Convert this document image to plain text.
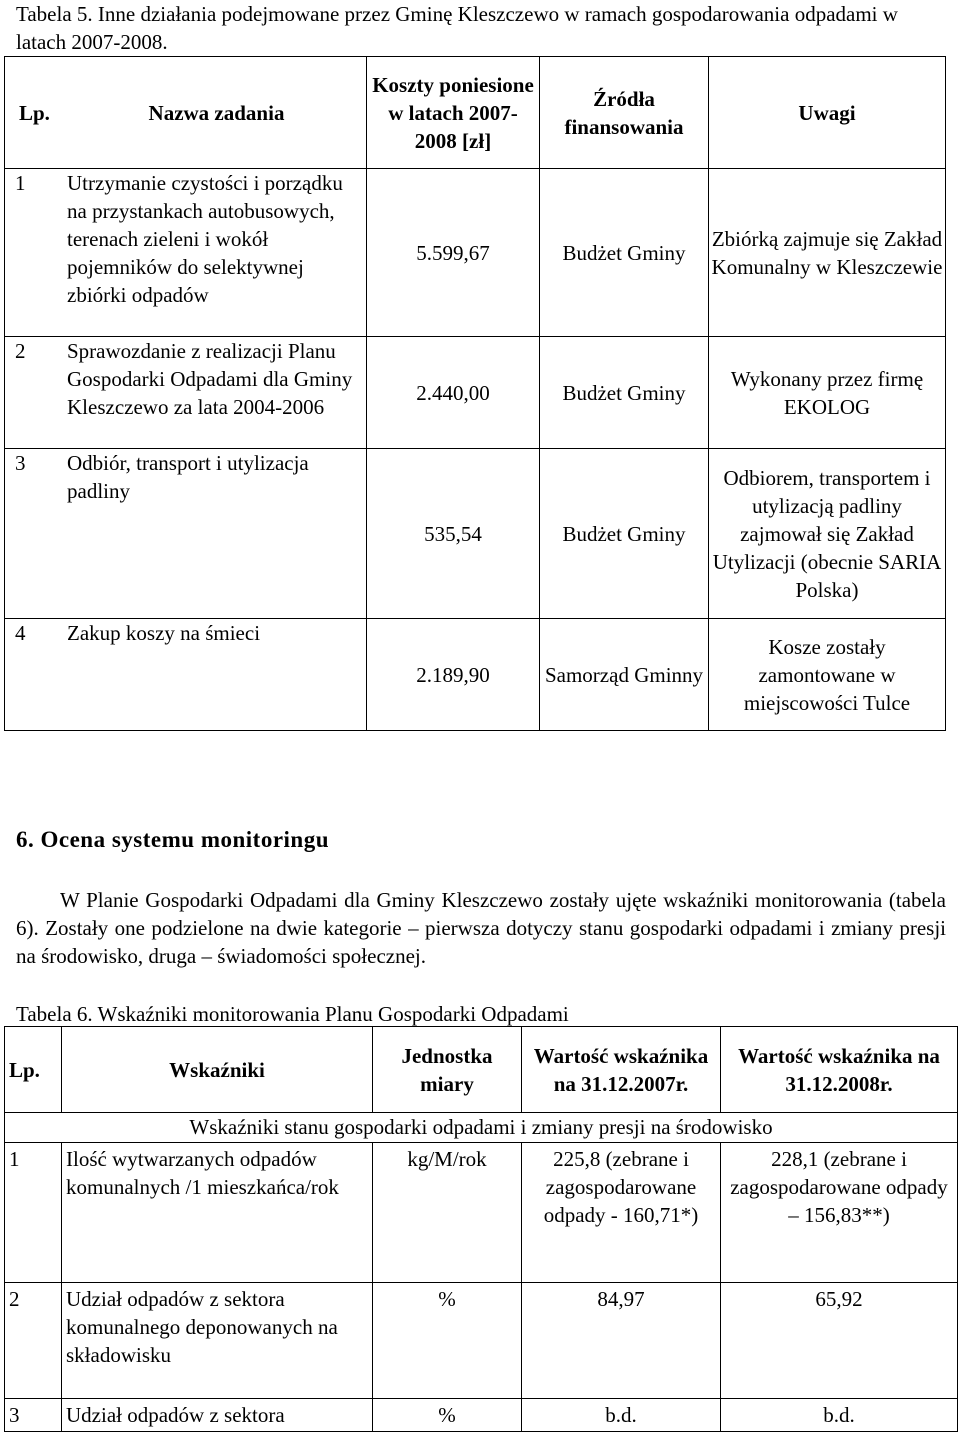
Tabela 5. Inne działania podejmowane przez Gminę Kleszczewo w ramach gospodarowania odpadami w latach 2007-2008.
Lp. Nazwa zadania	Koszty poniesione w latach 2007-2008 [zł]	Źródła finansowania	Uwagi

1 Utrzymanie czystości i porządku na przystankach autobusowych, terenach zieleni i wokół pojemników do selektywnej zbiórki odpadów	5.599,67	Budżet Gminy	Zbiórką zajmuje się Zakład Komunalny w Kleszczewie

2 Sprawozdanie z realizacji Planu Gospodarki Odpadami dla Gminy Kleszczewo za lata 2004-2006	2.440,00	Budżet Gminy	Wykonany przez firmę EKOLOG

3 Odbiór, transport i utylizacja padliny	535,54	Budżet Gminy	Odbiorem, transportem i utylizacją padliny zajmował się Zakład Utylizacji (obecnie SARIA Polska)

4 Zakup koszy na śmieci	2.189,90	Samorząd Gminny	Kosze zostały zamontowane w miejscowości Tulce
6. Ocena systemu monitoringu
W Planie Gospodarki Odpadami dla Gminy Kleszczewo zostały ujęte wskaźniki monitorowania (tabela 6). Zostały one podzielone na dwie kategorie – pierwsza dotyczy stanu gospodarki odpadami i zmiany presji na środowisko, druga – świadomości społecznej.
Tabela 6. Wskaźniki monitorowania Planu Gospodarki Odpadami
Lp.	Wskaźniki	Jednostka miary	Wartość wskaźnika na 31.12.2007r.	Wartość wskaźnika na 31.12.2008r.
Wskaźniki stanu gospodarki odpadami i zmiany presji na środowisko				
1	Ilość wytwarzanych odpadów komunalnych /1 mieszkańca/rok	kg/M/rok	225,8 (zebrane i zagospodarowane odpady - 160,71*)	228,1 (zebrane i zagospodarowane odpady – 156,83**)
2	Udział odpadów z sektora komunalnego deponowanych na składowisku	%	84,97	65,92
3	Udział odpadów z sektora	%	b.d.	b.d.
